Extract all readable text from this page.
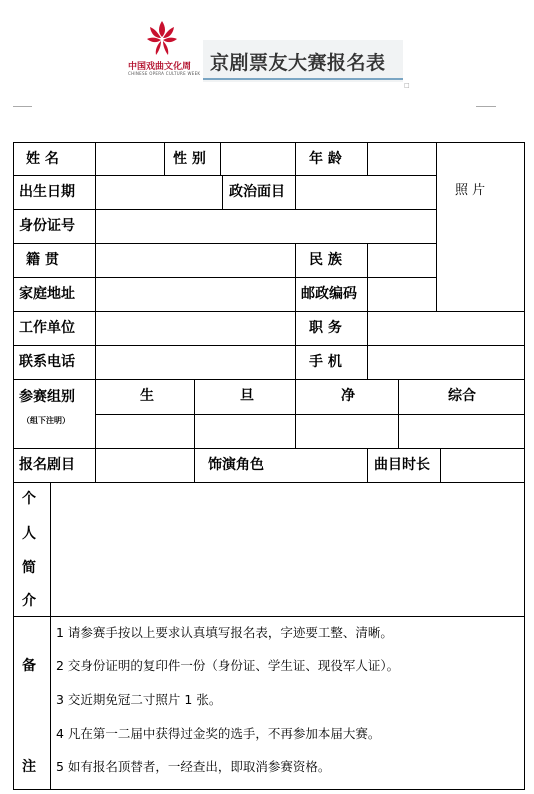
中国戏曲文化周
CHINESE OPERA CULTURE WEEK 京剧票友大赛报名表
□
姓 名	性 别	年 龄
照 片
出生日期	政治面目
身份证号
籍 贯	民 族
家庭地址	邮政编码
工作单位	职 务
联系电话	手 机
参赛组别
（组下注明）
生	旦	净	综合
报名剧目	饰演角色	曲目时长
个
人
简
介
备
注
1 请参赛手按以上要求认真填写报名表，字迹要工整、清晰。
2 交身份证明的复印件一份（身份证、学生证、现役军人证）。
3 交近期免冠二寸照片 1 张。
4 凡在第一二届中获得过金奖的选手，不再参加本届大赛。
5 如有报名顶替者，一经查出，即取消参赛资格。
